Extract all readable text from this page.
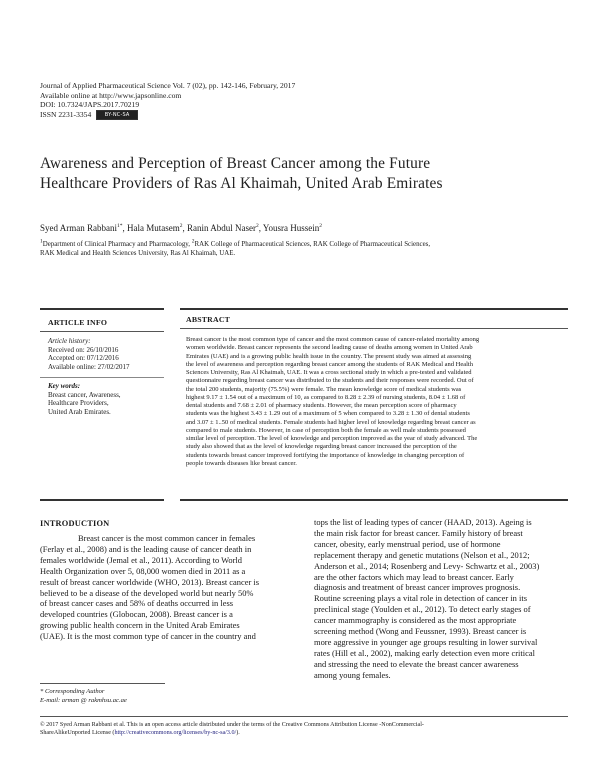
Journal of Applied Pharmaceutical Science Vol. 7 (02), pp. 142-146, February, 2017
Available online at http://www.japsonline.com
DOI: 10.7324/JAPS.2017.70219
ISSN 2231-3354	BY-NC-SA
Awareness and Perception of Breast Cancer among the Future
Healthcare Providers of Ras Al Khaimah, United Arab Emirates
Syed Arman Rabbani$^{1*}$, Hala Mutasem$^2$, Ranin Abdul Naser$^2$, Yousra Hussein$^2$
$^1$Department of Clinical Pharmacy and Pharmacology, $^2$RAK College of Pharmaceutical Sciences, RAK College of Pharmaceutical Sciences,
RAK Medical and Health Sciences University, Ras Al Khaimah, UAE.
ARTICLE INFO
Article history:
Received on: 26/10/2016
Accepted on: 07/12/2016
Available online: 27/02/2017
Key words:
Breast cancer, Awareness,
Healthcare Providers,
United Arab Emirates.
ABSTRACT
Breast cancer is the most common type of cancer and the most common cause of cancer-related mortality among
women worldwide. Breast cancer represents the second leading cause of deaths among women in United Arab
Emirates (UAE) and is a growing public health issue in the country. The present study was aimed at assessing
the level of awareness and perception regarding breast cancer among the students of RAK Medical and Health
Sciences University, Ras Al Khaimah, UAE. It was a cross sectional study in which a pre-tested and validated
questionnaire regarding breast cancer was distributed to the students and their responses were recorded. Out of
the total 200 students, majority (75.5%) were female. The mean knowledge score of medical students was
highest 9.17 ± 1.54 out of a maximum of 10, as compared to 8.28 ± 2.39 of nursing students, 8.04 ± 1.68 of
dental students and 7.68 ± 2.01 of pharmacy students. However, the mean perception score of pharmacy
students was the highest 3.43 ± 1.29 out of a maximum of 5 when compared to 3.28 ± 1.30 of dental students
and 3.07 ± 1..50 of medical students. Female students had higher level of knowledge regarding breast cancer as
compared to male students. However, in case of perception both the female as well male students possessed
similar level of perception. The level of knowledge and perception improved as the year of study advanced. The
study also showed that as the level of knowledge regarding breast cancer increased the perception of the
students towards breast cancer improved fortifying the importance of knowledge in changing perception of
people towards diseases like breast cancer.
INTRODUCTION
Breast cancer is the most common cancer in females
(Ferlay et al., 2008) and is the leading cause of cancer death in
females worldwide (Jemal et al., 2011). According to World
Health Organization over 5, 08,000 women died in 2011 as a
result of breast cancer worldwide (WHO, 2013). Breast cancer is
believed to be a disease of the developed world but nearly 50%
of breast cancer cases and 58% of deaths occurred in less
developed countries (Globocan, 2008). Breast cancer is a
growing public health concern in the United Arab Emirates
(UAE). It is the most common type of cancer in the country and
tops the list of leading types of cancer (HAAD, 2013). Ageing is
the main risk factor for breast cancer. Family history of breast
cancer, obesity, early menstrual period, use of hormone
replacement therapy and genetic mutations (Nelson et al., 2012;
Anderson et al., 2014; Rosenberg and Levy- Schwartz et al., 2003)
are the other factors which may lead to breast cancer. Early
diagnosis and treatment of breast cancer improves prognosis.
Routine screening plays a vital role in detection of cancer in its
preclinical stage (Youlden et al., 2012). To detect early stages of
cancer mammography is considered as the most appropriate
screening method (Wong and Feussner, 1993). Breast cancer is
more aggressive in younger age groups resulting in lower survival
rates (Hill et al., 2002), making early detection even more critical
and stressing the need to elevate the breast cancer awareness
among young females.
* Corresponding Author
E-mail: arman @ rakmhsu.ac.ae
© 2017 Syed Arman Rabbani et al. This is an open access article distributed under the terms of the Creative Commons Attribution License -NonCommercial-
ShareAlikeUnported License (http://creativecommons.org/licenses/by-nc-sa/3.0/).
